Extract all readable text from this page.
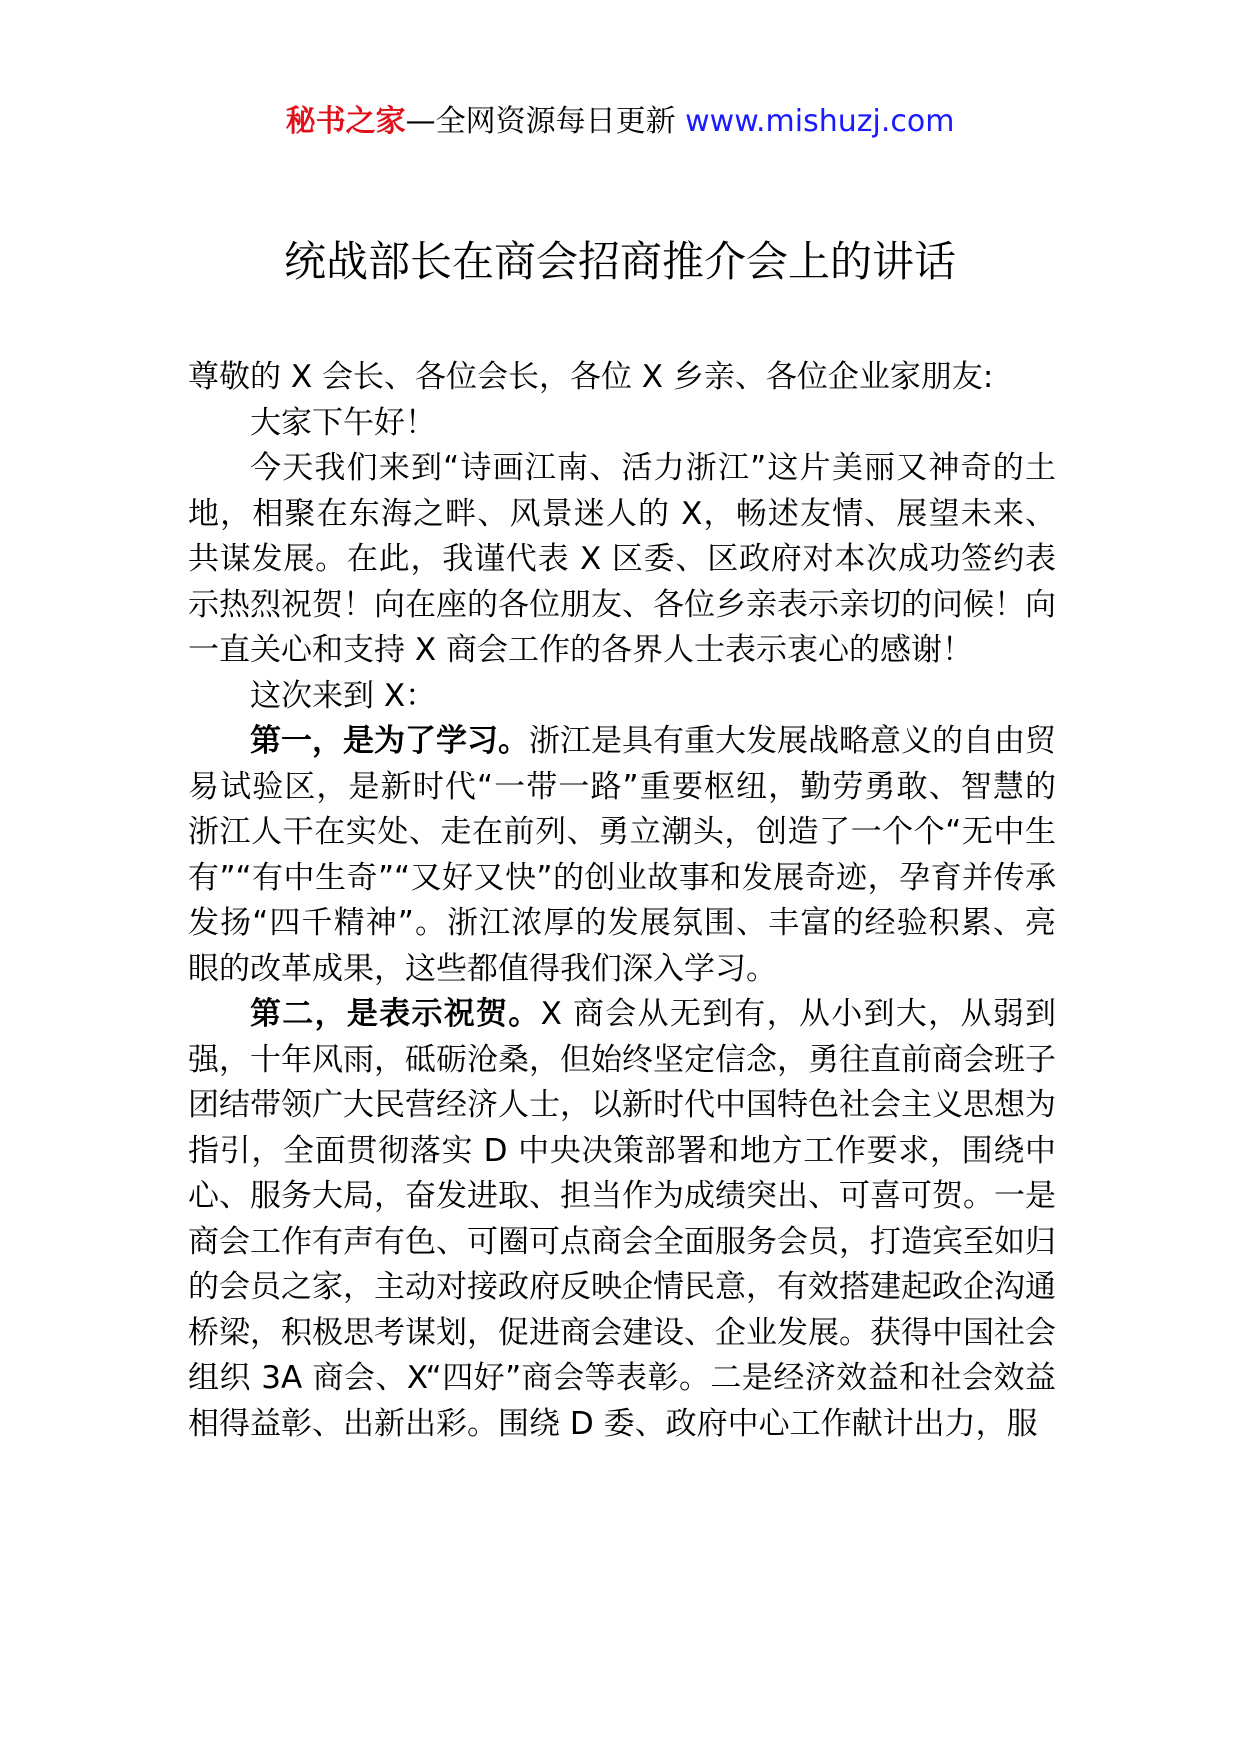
秘书之家—全网资源每日更新 www.mishuzj.com
统战部长在商会招商推介会上的讲话

尊敬的 X 会长、各位会长，各位 X 乡亲、各位企业家朋友:

大家下午好！

今天我们来到“诗画江南、活力浙江”这片美丽又神奇的土地，相聚在东海之畔、风景迷人的 X，畅述友情、展望未来、共谋发展。在此，我谨代表 X 区委、区政府对本次成功签约表示热烈祝贺！向在座的各位朋友、各位乡亲表示亲切的问候！向一直关心和支持 X 商会工作的各界人士表示衷心的感谢！

这次来到 X：

第一，是为了学习。浙江是具有重大发展战略意义的自由贸易试验区，是新时代“一带一路”重要枢纽，勤劳勇敢、智慧的浙江人干在实处、走在前列、勇立潮头，创造了一个个“无中生有”“有中生奇”“又好又快”的创业故事和发展奇迹，孕育并传承发扬“四千精神”。浙江浓厚的发展氛围、丰富的经验积累、亮眼的改革成果，这些都值得我们深入学习。

第二，是表示祝贺。X 商会从无到有，从小到大，从弱到强，十年风雨，砥砺沧桑，但始终坚定信念，勇往直前商会班子团结带领广大民营经济人士，以新时代中国特色社会主义思想为指引，全面贯彻落实 D 中央决策部署和地方工作要求，围绕中心、服务大局，奋发进取、担当作为成绩突出、可喜可贺。一是商会工作有声有色、可圈可点商会全面服务会员，打造宾至如归的会员之家，主动对接政府反映企情民意，有效搭建起政企沟通桥梁，积极思考谋划，促进商会建设、企业发展。获得中国社会组织 3A 商会、X“四好”商会等表彰。二是经济效益和社会效益相得益彰、出新出彩。围绕 D 委、政府中心工作献计出力，服
